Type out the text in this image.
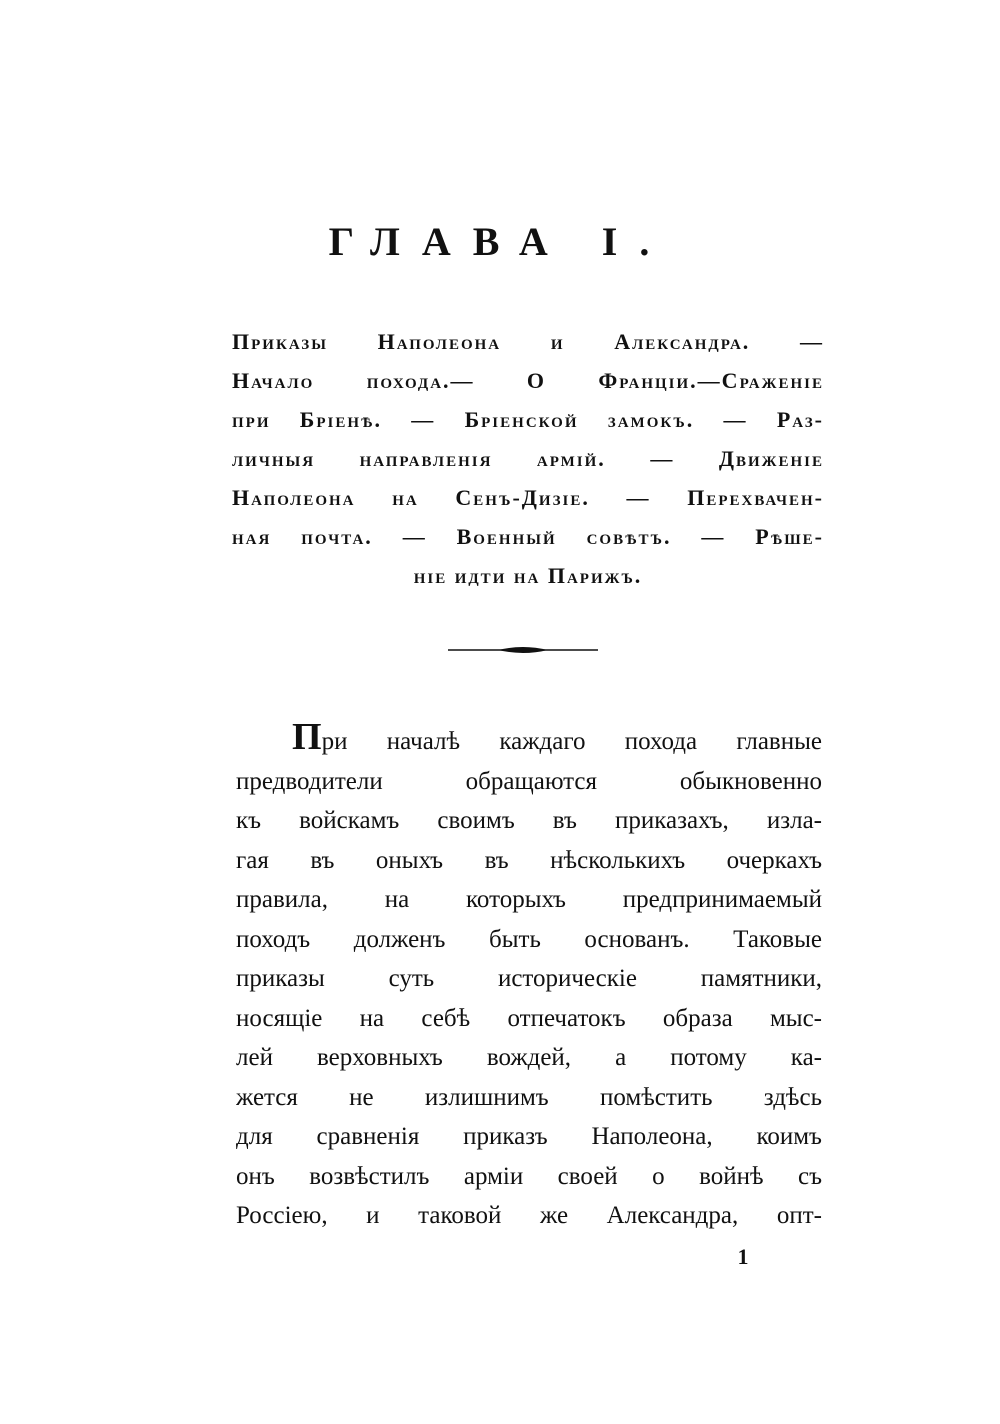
ГЛАВА I.
Приказы Наполеона и Александра. —
Начало похода.— О Франціи.—Сраженіе
при Бріенѣ. — Бріенской замокъ. — Раз-
личныя направленія армій. — Движеніе
Наполеона на Сенъ-Дизіе. — Перехвачен-
ная почта. — Военный совѣтъ. — Рѣше-
ніе идти на Парижъ.
При началѣ каждаго похода главные
предводители обращаются обыкновенно
къ войскамъ своимъ въ приказахъ, изла-
гая въ оныхъ въ нѣсколькихъ очеркахъ
правила, на которыхъ предпринимаемый
походъ долженъ быть основанъ. Таковые
приказы суть историческіе памятники,
носящіе на себѣ отпечатокъ образа мыс-
лей верховныхъ вождей, а потому ка-
жется не излишнимъ помѣстить здѣсь
для сравненія приказъ Наполеона, коимъ
онъ возвѣстилъ арміи своей о войнѣ съ
Россіею, и таковой же Александра, опт-
1
